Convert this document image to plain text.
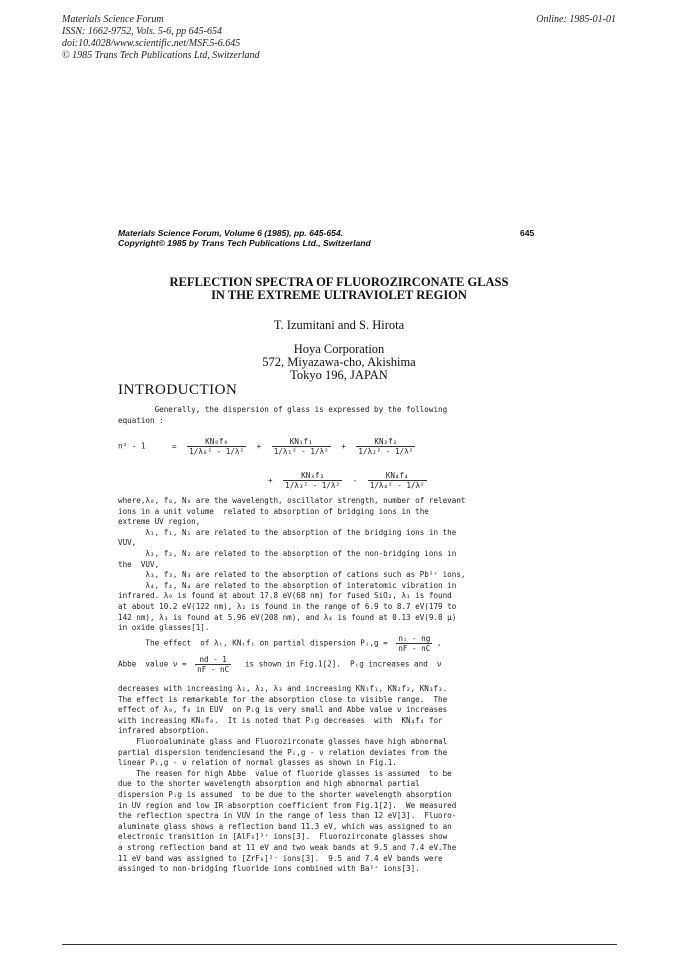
Materials Science Forum
ISSN: 1662-9752, Vols. 5-6, pp 645-654
doi:10.4028/www.scientific.net/MSF.5-6.645
© 1985 Trans Tech Publications Ltd, Switzerland
Online: 1985-01-01
Materials Science Forum, Volume 6 (1985), pp. 645-654.
Copyright© 1985 by Trans Tech Publications Ltd., Switzerland
645
REFLECTION SPECTRA OF FLUOROZIRCONATE GLASS
IN THE EXTREME ULTRAVIOLET REGION
T. Izumitani and S. Hirota
Hoya Corporation
572, Miyazawa-cho, Akishima
Tokyo 196, JAPAN
INTRODUCTION
Generally, the dispersion of glass is expressed by the following
equation :
n² - 1	= $\frac{\text{KN₀f₀}}{\text{1/λ₀² - 1/λ²}} + \frac{\text{KN₁f₁}}{\text{1/λ₁² - 1/λ²}} + \frac{\text{KN₂f₂}}{\text{1/λ₂² - 1/λ²}}$
+ $\frac{\text{KN₃f₃}}{\text{1/λ₃² - 1/λ²}} - \frac{\text{KN₄f₄}}{\text{1/λ₄² - 1/λ²}}$
where,λ₀, f₀, N₀ are the wavelength, oscillator strength, number of relevant
ions in a unit volume  related to absorption of bridging ions in the
extreme UV region,
λ₁, f₁, N₁ are related to the absorption of the bridging ions in the
VUV,
λ₂, f₂, N₂ are related to the absorption of the non-bridging ions in
the  VUV,
λ₃, f₃, N₃ are related to the absorption of cations such as Pb²⁺ ions,
λ₄, f₄, N₄ are related to the absorption of interatomic vibration in
infrared. λ₀ is found at about 17.8 eV(68 nm) for fused SiO₂, λ₁ is found
at about 10.2 eV(122 nm), λ₂ is found in the range of 6.9 to 8.7 eV(179 to
142 nm), λ₃ is found at 5.96 eV(208 nm), and λ₄ is found at 0.13 eV(9.8 μ)
in oxide glasses[1].
The effect  of λᵢ, KNᵢfᵢ on partial dispersion Pᵢ,g = $\frac{\text{nᵢ - ng}}{nF - nC}$ ,
Abbe  value $\nu = \frac{nd - 1}{nF - nC}$ is shown in Fig.1[2].  Pᵢg increases and  ν
decreases with increasing λ₁, λ₂, λ₃ and increasing KN₁f₁, KN₂f₂, KN₃f₃.
The effect is remarkable for the absorption close to visible range.  The
effect of λ₀, f₀ in EUV  on Pᵢg is very small and Abbe value ν increases
with increasing KN₀f₀.  It is noted that Pᵢg decreases  with  KN₄f₄ for
infrared absorption.
Fluoroaluminate glass and Fluorozirconate glasses have high abnormal
partial dispersion tendenciesand the Pᵢ,g - ν relation deviates from the
linear Pᵢ,g - ν relation of normal glasses as shown in Fig.1.
The reasen for high Abbe  value of fluoride glasses is assumed  to be
due to the shorter wavelength absorption and high abnormal partial
dispersion Pᵢg is assumed  to be due to the shorter wavelength absorption
in UV region and low IR absorption coefficient from Fig.1[2].  We measured
the reflection spectra in VUV in the range of less than 12 eV[3].  Fluoro-
aluminate glass shows a reflection band 11.3 eV, which was assigned to an
electronic transition in [AlF₆]³⁺ ions[3].  Fluorozirconate glasses show
a strong reflection band at 11 eV and two weak bands at 9.5 and 7.4 eV.The
11 eV band was assigned to [ZrF₆]²⁻ ions[3].  9.5 and 7.4 eV bands were
assinged to non-bridging fluoride ions combined with Ba²⁺ ions[3].
